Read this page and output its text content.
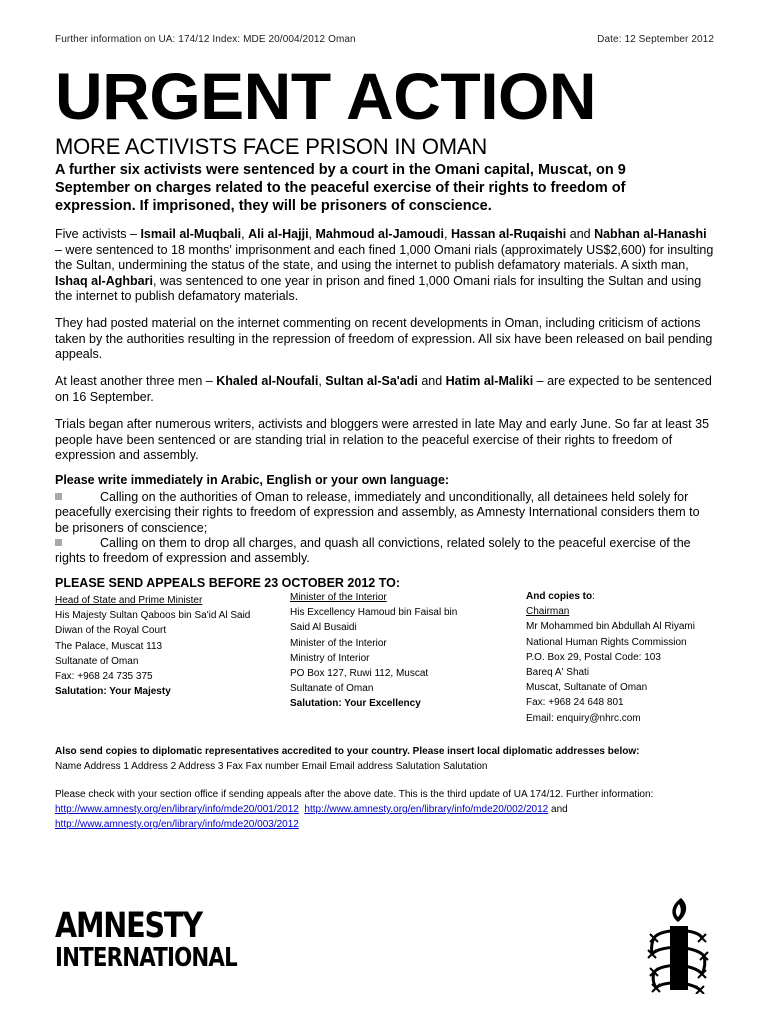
Further information on UA: 174/12 Index: MDE 20/004/2012 Oman	Date: 12 September 2012
URGENT ACTION
MORE ACTIVISTS FACE PRISON IN OMAN
A further six activists were sentenced by a court in the Omani capital, Muscat, on 9 September on charges related to the peaceful exercise of their rights to freedom of expression. If imprisoned, they will be prisoners of conscience.
Five activists – Ismail al-Muqbali, Ali al-Hajji, Mahmoud al-Jamoudi, Hassan al-Ruqaishi and Nabhan al-Hanashi – were sentenced to 18 months' imprisonment and each fined 1,000 Omani rials (approximately US$2,600) for insulting the Sultan, undermining the status of the state, and using the internet to publish defamatory materials. A sixth man, Ishaq al-Aghbari, was sentenced to one year in prison and fined 1,000 Omani rials for insulting the Sultan and using the internet to publish defamatory materials.
They had posted material on the internet commenting on recent developments in Oman, including criticism of actions taken by the authorities resulting in the repression of freedom of expression. All six have been released on bail pending appeals.
At least another three men – Khaled al-Noufali, Sultan al-Sa'adi and Hatim al-Maliki – are expected to be sentenced on 16 September.
Trials began after numerous writers, activists and bloggers were arrested in late May and early June. So far at least 35 people have been sentenced or are standing trial in relation to the peaceful exercise of their rights to freedom of expression and assembly.
Please write immediately in Arabic, English or your own language:
Calling on the authorities of Oman to release, immediately and unconditionally, all detainees held solely for peacefully exercising their rights to freedom of expression and assembly, as Amnesty International considers them to be prisoners of conscience;
Calling on them to drop all charges, and quash all convictions, related solely to the peaceful exercise of the rights to freedom of expression and assembly.
PLEASE SEND APPEALS BEFORE 23 OCTOBER 2012 TO:
Head of State and Prime Minister
His Majesty Sultan Qaboos bin Sa'id Al Said
Diwan of the Royal Court
The Palace, Muscat 113
Sultanate of Oman
Fax: +968 24 735 375
Salutation: Your Majesty
Minister of the Interior
His Excellency Hamoud bin Faisal bin Said Al Busaidi
Minister of the Interior
Ministry of Interior
PO Box 127, Ruwi 112, Muscat
Sultanate of Oman
Salutation: Your Excellency
And copies to:
Chairman
Mr Mohammed bin Abdullah Al Riyami
National Human Rights Commission
P.O. Box 29, Postal Code: 103
Bareq A' Shati
Muscat, Sultanate of Oman
Fax: +968 24 648 801
Email: enquiry@nhrc.com
Also send copies to diplomatic representatives accredited to your country. Please insert local diplomatic addresses below:
Name Address 1 Address 2 Address 3 Fax Fax number Email Email address Salutation Salutation
Please check with your section office if sending appeals after the above date. This is the third update of UA 174/12. Further information:
http://www.amnesty.org/en/library/info/mde20/001/2012 http://www.amnesty.org/en/library/info/mde20/002/2012 and
http://www.amnesty.org/en/library/info/mde20/003/2012
AMNESTY
INTERNATIONAL
